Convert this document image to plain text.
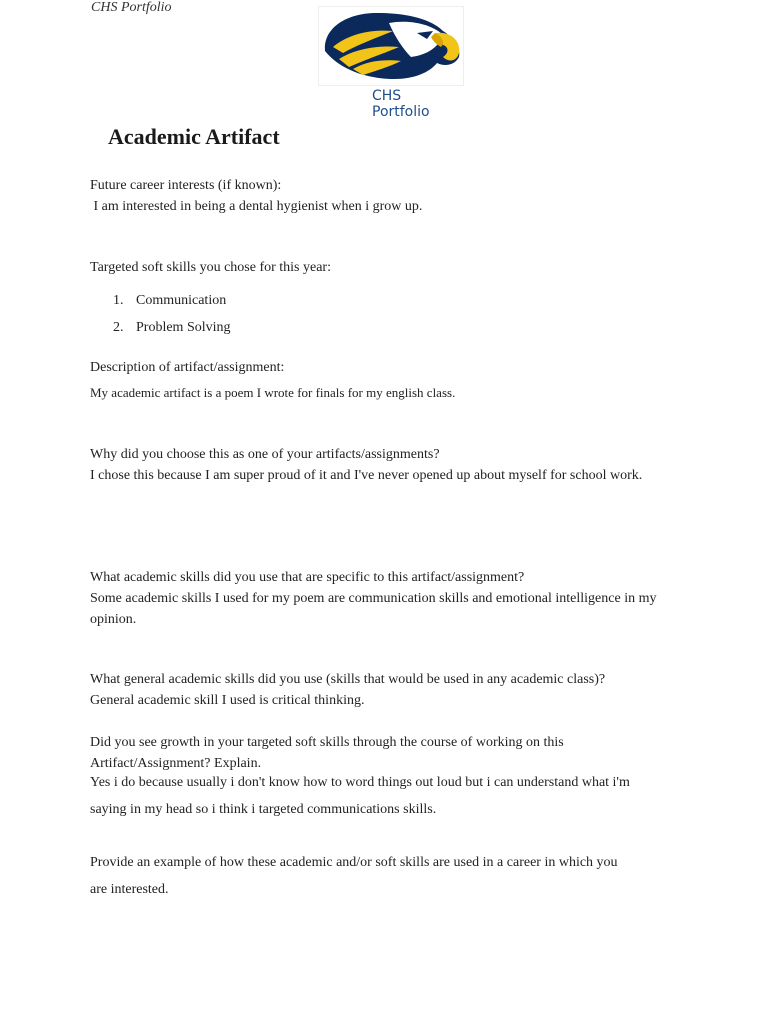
CHS Portfolio
CHS
Portfolio
Academic Artifact
Future career interests (if known):
I am interested in being a dental hygienist when i grow up.
Targeted soft skills you chose for this year:
1. Communication
2. Problem Solving
Description of artifact/assignment:
My academic artifact is a poem I wrote for finals for my english class.
Why did you choose this as one of your artifacts/assignments?
I chose this because I am super proud of it and I've never opened up about myself for school work.
What academic skills did you use that are specific to this artifact/assignment?
Some academic skills I used for my poem are communication skills and emotional intelligence in my opinion.
What general academic skills did you use (skills that would be used in any academic class)?
General academic skill I used is critical thinking.
Did you see growth in your targeted soft skills through the course of working on this Artifact/Assignment? Explain.
Yes i do because usually i don't know how to word things out loud but i can understand what i'm
saying in my head so i think i targeted communications skills.
Provide an example of how these academic and/or soft skills are used in a career in which you
are interested.
